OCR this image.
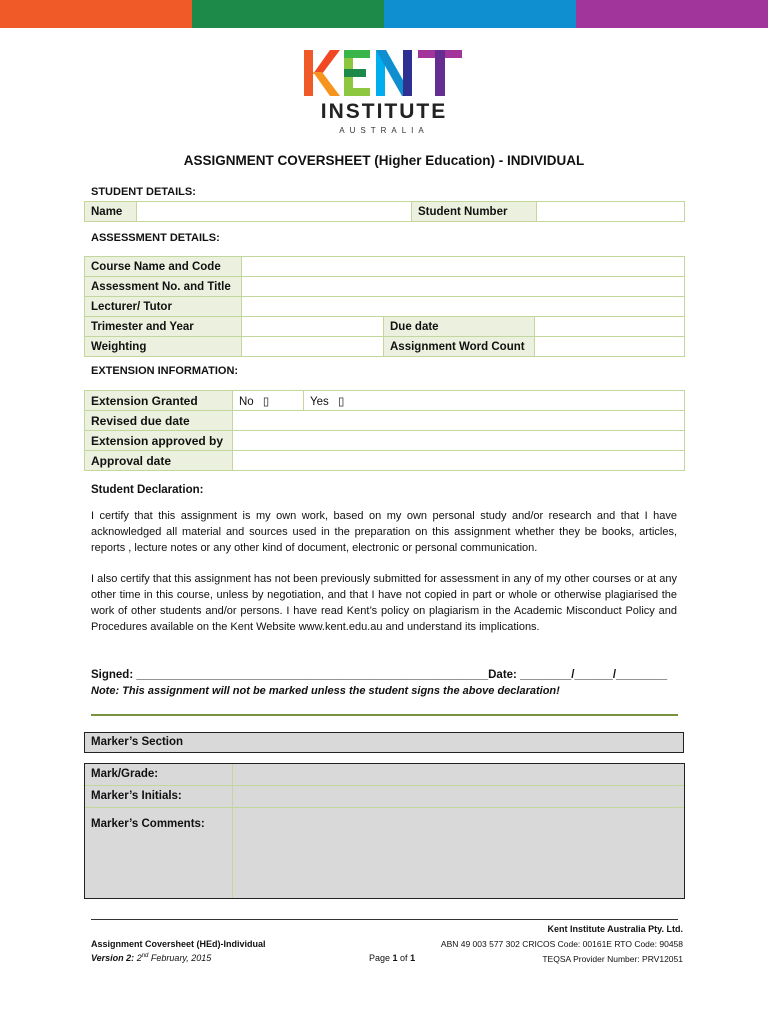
INSTITUTE
AUSTRALIA
ASSIGNMENT COVERSHEET (Higher Education) - INDIVIDUAL
STUDENT DETAILS:
Name		Student Number	
ASSESSMENT DETAILS:
Course Name and Code			
Assessment No. and Title			
Lecturer/ Tutor			
Trimester and Year		Due date	
Weighting		Assignment Word Count	
EXTENSION INFORMATION:
Extension Granted	No ▯	Yes ▯
Revised due date		
Extension approved by		
Approval date		
Student Declaration:
I certify that this assignment is my own work, based on my own personal study and/or research and that I have acknowledged all material and sources used in the preparation on this assignment whether they be books, articles, reports , lecture notes or any other kind of document, electronic or personal communication.
I also certify that this assignment has not been previously submitted for assessment in any of my other courses or at any other time in this course, unless by negotiation, and that I have not copied in part or whole or otherwise plagiarised the work of other students and/or persons. I have read Kent’s policy on plagiarism in the Academic Misconduct Policy and Procedures available on the Kent Website www.kent.edu.au and understand its implications.
Signed: _______________________________________________________Date: ________/______/________
Note: This assignment will not be marked unless the student signs the above declaration!
Marker’s Section
Mark/Grade:
Marker’s Initials:
Marker’s Comments:
Kent Institute Australia Pty. Ltd.
Assignment Coversheet (HEd)-Individual	ABN 49 003 577 302 CRICOS Code: 00161E RTO Code: 90458
Version 2: 2nd February, 2015	Page 1 of 1	TEQSA Provider Number: PRV12051
